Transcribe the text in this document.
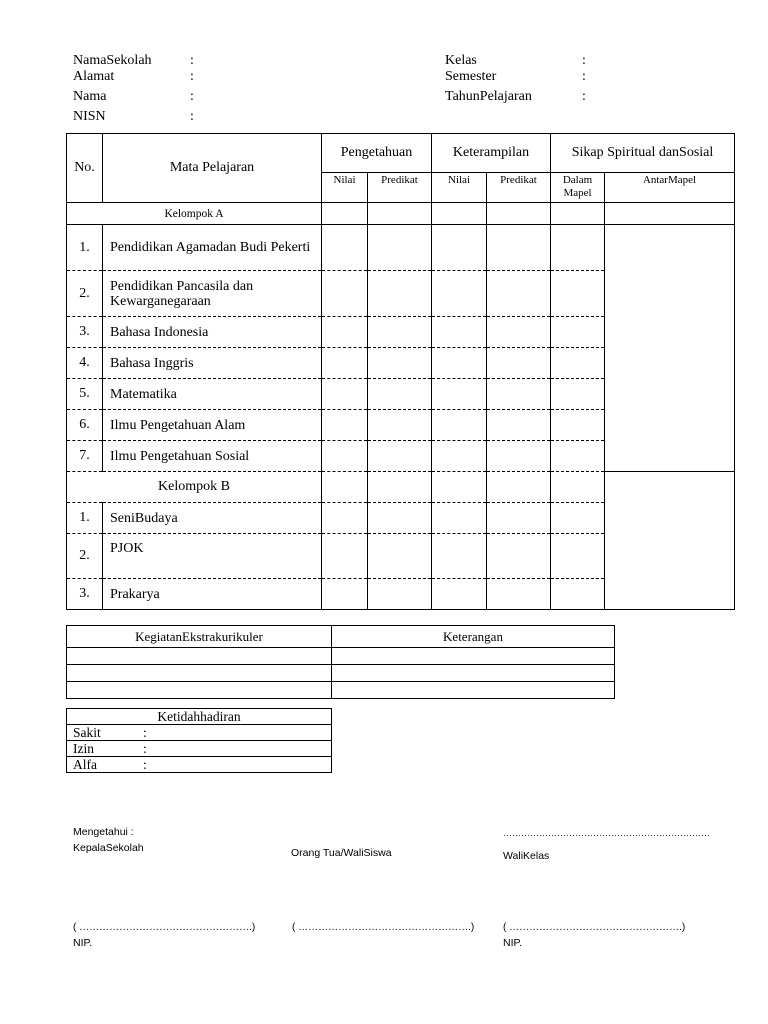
NamaSekolah	:
Alamat	:
Nama	:
NISN	:
Kelas	:
Semester	:
TahunPelajaran	:
No.	Mata Pelajaran	Pengetahuan		Keterampilan		Sikap Spiritual danSosial	
		Nilai	Predikat	Nilai	Predikat	Dalam Mapel	AntarMapel
Kelompok A							
1.	Pendidikan Agamadan Budi Pekerti						
2.	Pendidikan Pancasila dan Kewarganegaraan						
3.	Bahasa Indonesia						
4.	Bahasa Inggris						
5.	Matematika						
6.	Ilmu Pengetahuan Alam						
7.	Ilmu Pengetahuan Sosial						
Kelompok B							
1.	SeniBudaya						
2.	PJOK						
3.	Prakarya						
KegiatanEkstrakurikuler	Keterangan

Ketidahhadiran
Sakit	:

Izin	:

Alfa	:
Mengetahui :
KepalaSekolah	Orang Tua/WaliSiswa
……………………………………………………………
WaliKelas
( …………………………………………….)	( …………………………………………….)	( …………………………………………….)
NIP.	NIP.
